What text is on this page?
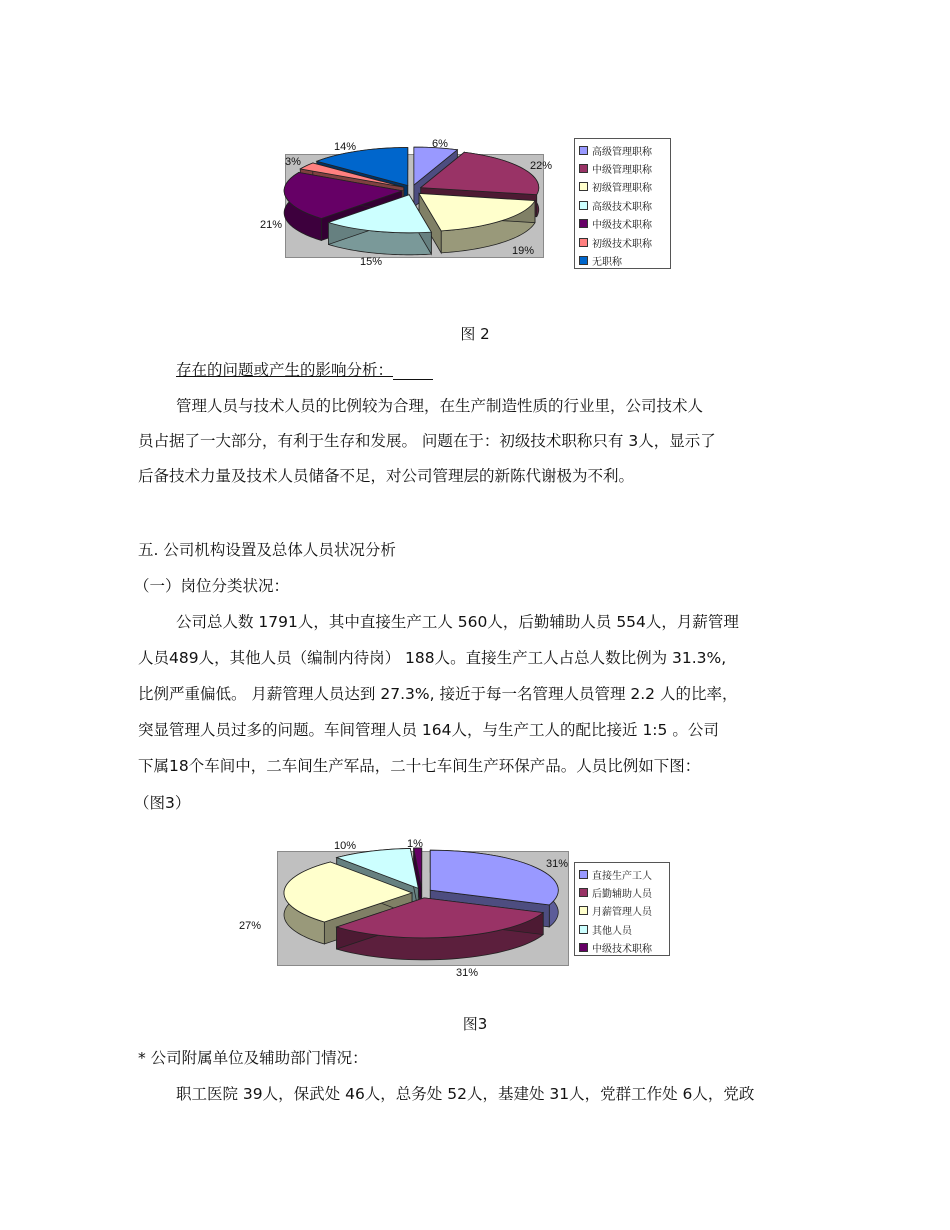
6%
22%
19%
15%
21%
3%
14%	高级管理职称
中级管理职称
初级管理职称
高级技术职称
中级技术职称
初级技术职称
无职称
图 2
存在的问题或产生的影响分析：
管理人员与技术人员的比例较为合理，在生产制造性质的行业里，公司技术人
员占据了一大部分，有利于生存和发展。 问题在于：初级技术职称只有 3人，显示了
后备技术力量及技术人员储备不足，对公司管理层的新陈代谢极为不利。
五. 公司机构设置及总体人员状况分析
（一）岗位分类状况：
公司总人数 1791人，其中直接生产工人 560人，后勤辅助人员 554人，月薪管理
人员489人，其他人员（编制内待岗） 188人。直接生产工人占总人数比例为 31.3%,
比例严重偏低。 月薪管理人员达到 27.3%, 接近于每一名管理人员管理 2.2 人的比率，
突显管理人员过多的问题。车间管理人员 164人，与生产工人的配比接近 1:5 。公司
下属18个车间中，二车间生产军品，二十七车间生产环保产品。人员比例如下图：
（图3）
31%
31%
27%
10%	1%
直接生产工人
后勤辅助人员
月薪管理人员
其他人员
中级技术职称
图3
* 公司附属单位及辅助部门情况：
职工医院 39人，保武处 46人，总务处 52人，基建处 31人，党群工作处 6人，党政
